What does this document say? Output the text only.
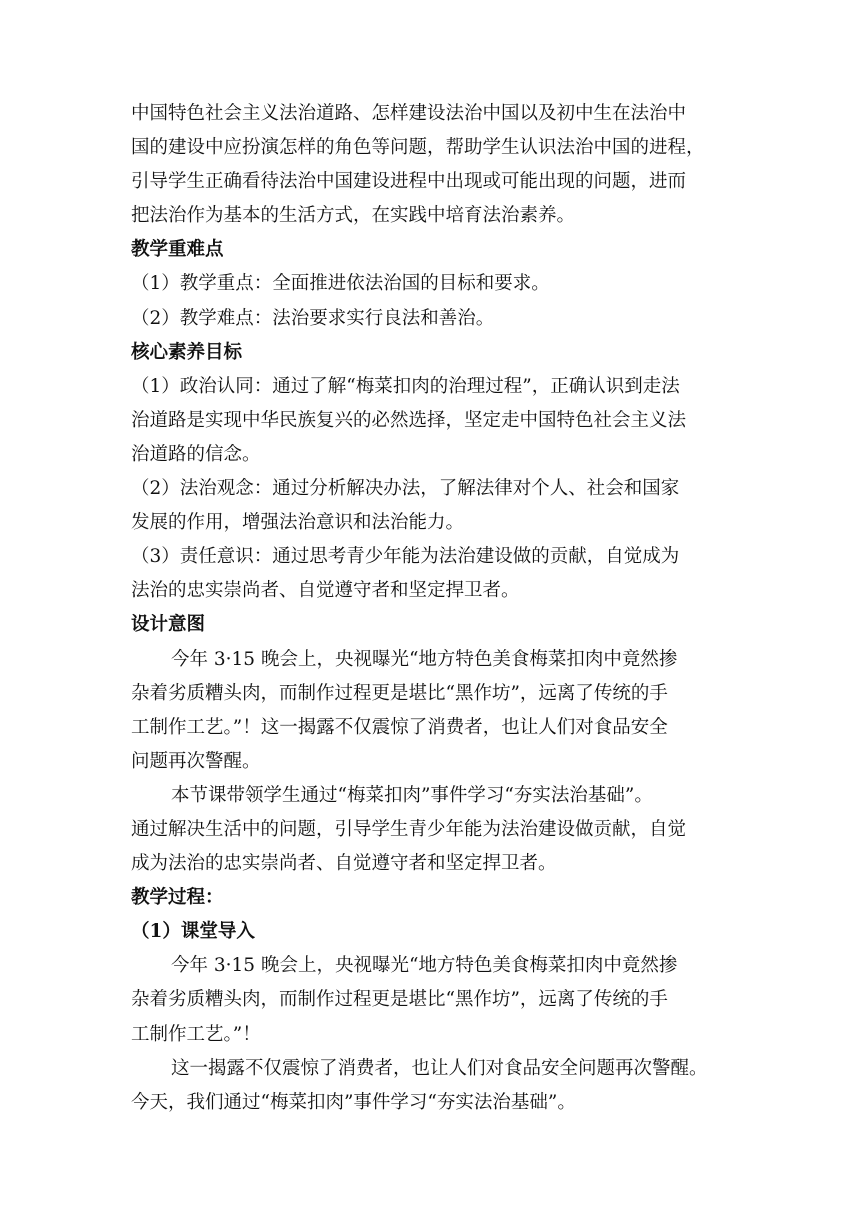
中国特色社会主义法治道路、怎样建设法治中国以及初中生在法治中
国的建设中应扮演怎样的角色等问题，帮助学生认识法治中国的进程，
引导学生正确看待法治中国建设进程中出现或可能出现的问题，进而
把法治作为基本的生活方式，在实践中培育法治素养。
教学重难点
（1）教学重点：全面推进依法治国的目标和要求。
（2）教学难点：法治要求实行良法和善治。
核心素养目标
（1）政治认同：通过了解“梅菜扣肉的治理过程”，正确认识到走法
治道路是实现中华民族复兴的必然选择，坚定走中国特色社会主义法
治道路的信念。
（2）法治观念：通过分析解决办法，了解法律对个人、社会和国家
发展的作用，增强法治意识和法治能力。
（3）责任意识：通过思考青少年能为法治建设做的贡献，自觉成为
法治的忠实崇尚者、自觉遵守者和坚定捍卫者。
设计意图
今年 3·15 晚会上，央视曝光“地方特色美食梅菜扣肉中竟然掺
杂着劣质糟头肉，而制作过程更是堪比“黑作坊”，远离了传统的手
工制作工艺。”！这一揭露不仅震惊了消费者，也让人们对食品安全
问题再次警醒。
本节课带领学生通过“梅菜扣肉”事件学习“夯实法治基础”。
通过解决生活中的问题，引导学生青少年能为法治建设做贡献，自觉
成为法治的忠实崇尚者、自觉遵守者和坚定捍卫者。
教学过程：
（1）课堂导入
今年 3·15 晚会上，央视曝光“地方特色美食梅菜扣肉中竟然掺
杂着劣质糟头肉，而制作过程更是堪比“黑作坊”，远离了传统的手
工制作工艺。”！
这一揭露不仅震惊了消费者，也让人们对食品安全问题再次警醒。
今天，我们通过“梅菜扣肉”事件学习“夯实法治基础”。
